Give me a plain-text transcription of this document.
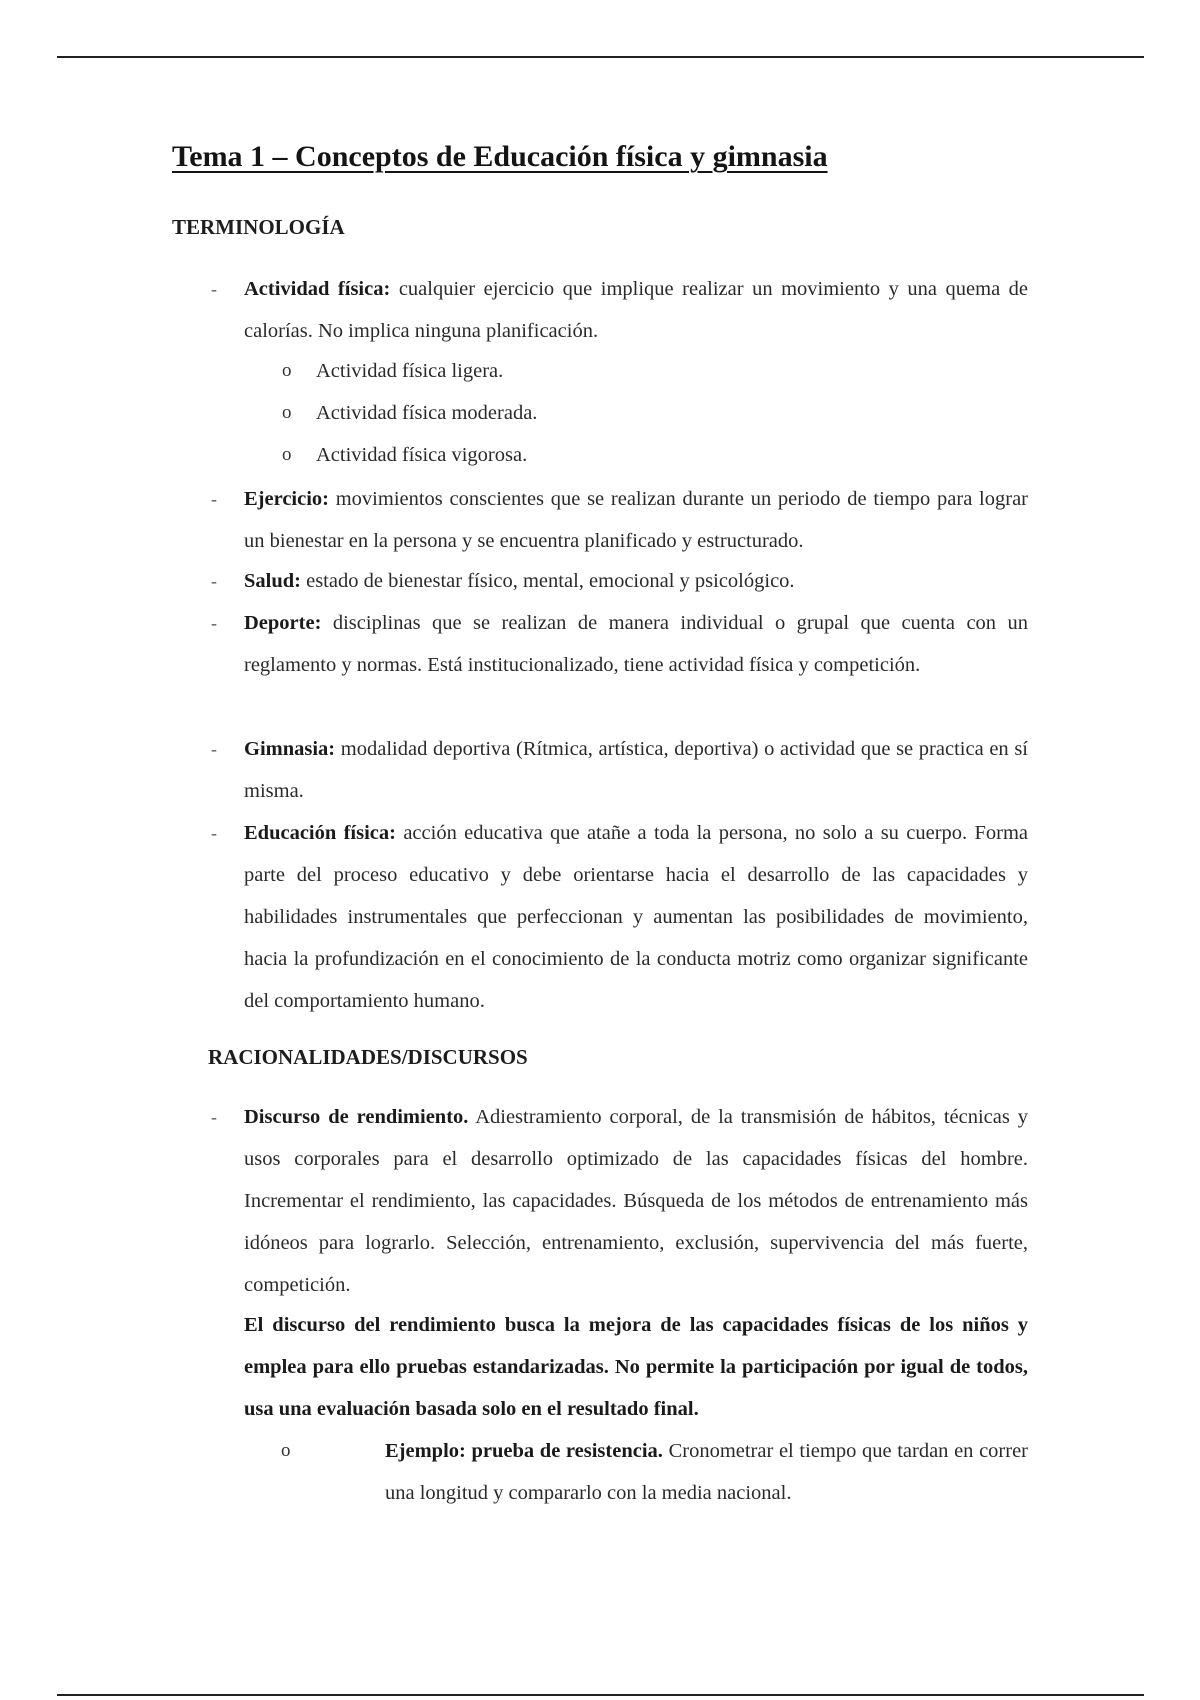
Tema 1 – Conceptos de Educación física y gimnasia
TERMINOLOGÍA
- Actividad física: cualquier ejercicio que implique realizar un movimiento y una quema de calorías. No implica ninguna planificación.
o Actividad física ligera.
o Actividad física moderada.
o Actividad física vigorosa.
- Ejercicio: movimientos conscientes que se realizan durante un periodo de tiempo para lograr un bienestar en la persona y se encuentra planificado y estructurado.
- Salud: estado de bienestar físico, mental, emocional y psicológico.
- Deporte: disciplinas que se realizan de manera individual o grupal que cuenta con un reglamento y normas. Está institucionalizado, tiene actividad física y competición.
- Gimnasia: modalidad deportiva (Rítmica, artística, deportiva) o actividad que se practica en sí misma.
- Educación física: acción educativa que atañe a toda la persona, no solo a su cuerpo. Forma parte del proceso educativo y debe orientarse hacia el desarrollo de las capacidades y habilidades instrumentales que perfeccionan y aumentan las posibilidades de movimiento, hacia la profundización en el conocimiento de la conducta motriz como organizar significante del comportamiento humano.
RACIONALIDADES/DISCURSOS
- Discurso de rendimiento. Adiestramiento corporal, de la transmisión de hábitos, técnicas y usos corporales para el desarrollo optimizado de las capacidades físicas del hombre. Incrementar el rendimiento, las capacidades. Búsqueda de los métodos de entrenamiento más idóneos para lograrlo. Selección, entrenamiento, exclusión, supervivencia del más fuerte, competición.
El discurso del rendimiento busca la mejora de las capacidades físicas de los niños y emplea para ello pruebas estandarizadas. No permite la participación por igual de todos, usa una evaluación basada solo en el resultado final.
o	Ejemplo: prueba de resistencia. Cronometrar el tiempo que tardan en correr una longitud y compararlo con la media nacional.
